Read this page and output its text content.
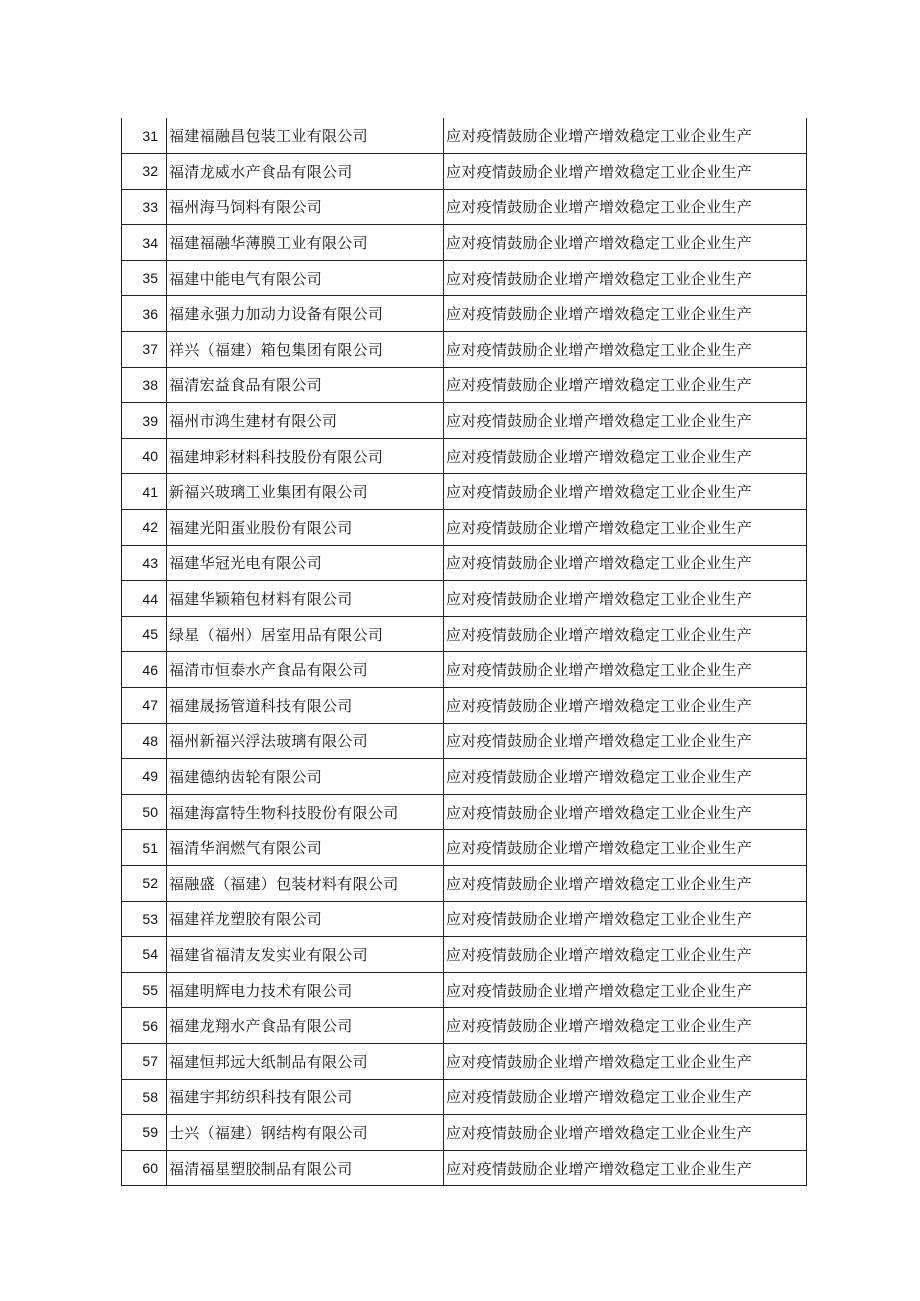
31	福建福融昌包装工业有限公司	应对疫情鼓励企业增产增效稳定工业企业生产
32	福清龙威水产食品有限公司	应对疫情鼓励企业增产增效稳定工业企业生产
33	福州海马饲料有限公司	应对疫情鼓励企业增产增效稳定工业企业生产
34	福建福融华薄膜工业有限公司	应对疫情鼓励企业增产增效稳定工业企业生产
35	福建中能电气有限公司	应对疫情鼓励企业增产增效稳定工业企业生产
36	福建永强力加动力设备有限公司	应对疫情鼓励企业增产增效稳定工业企业生产
37	祥兴（福建）箱包集团有限公司	应对疫情鼓励企业增产增效稳定工业企业生产
38	福清宏益食品有限公司	应对疫情鼓励企业增产增效稳定工业企业生产
39	福州市鸿生建材有限公司	应对疫情鼓励企业增产增效稳定工业企业生产
40	福建坤彩材料科技股份有限公司	应对疫情鼓励企业增产增效稳定工业企业生产
41	新福兴玻璃工业集团有限公司	应对疫情鼓励企业增产增效稳定工业企业生产
42	福建光阳蛋业股份有限公司	应对疫情鼓励企业增产增效稳定工业企业生产
43	福建华冠光电有限公司	应对疫情鼓励企业增产增效稳定工业企业生产
44	福建华颖箱包材料有限公司	应对疫情鼓励企业增产增效稳定工业企业生产
45	绿星（福州）居室用品有限公司	应对疫情鼓励企业增产增效稳定工业企业生产
46	福清市恒泰水产食品有限公司	应对疫情鼓励企业增产增效稳定工业企业生产
47	福建晟扬管道科技有限公司	应对疫情鼓励企业增产增效稳定工业企业生产
48	福州新福兴浮法玻璃有限公司	应对疫情鼓励企业增产增效稳定工业企业生产
49	福建德纳齿轮有限公司	应对疫情鼓励企业增产增效稳定工业企业生产
50	福建海富特生物科技股份有限公司	应对疫情鼓励企业增产增效稳定工业企业生产
51	福清华润燃气有限公司	应对疫情鼓励企业增产增效稳定工业企业生产
52	福融盛（福建）包装材料有限公司	应对疫情鼓励企业增产增效稳定工业企业生产
53	福建祥龙塑胶有限公司	应对疫情鼓励企业增产增效稳定工业企业生产
54	福建省福清友发实业有限公司	应对疫情鼓励企业增产增效稳定工业企业生产
55	福建明辉电力技术有限公司	应对疫情鼓励企业增产增效稳定工业企业生产
56	福建龙翔水产食品有限公司	应对疫情鼓励企业增产增效稳定工业企业生产
57	福建恒邦远大纸制品有限公司	应对疫情鼓励企业增产增效稳定工业企业生产
58	福建宇邦纺织科技有限公司	应对疫情鼓励企业增产增效稳定工业企业生产
59	士兴（福建）钢结构有限公司	应对疫情鼓励企业增产增效稳定工业企业生产
60	福清福星塑胶制品有限公司	应对疫情鼓励企业增产增效稳定工业企业生产
